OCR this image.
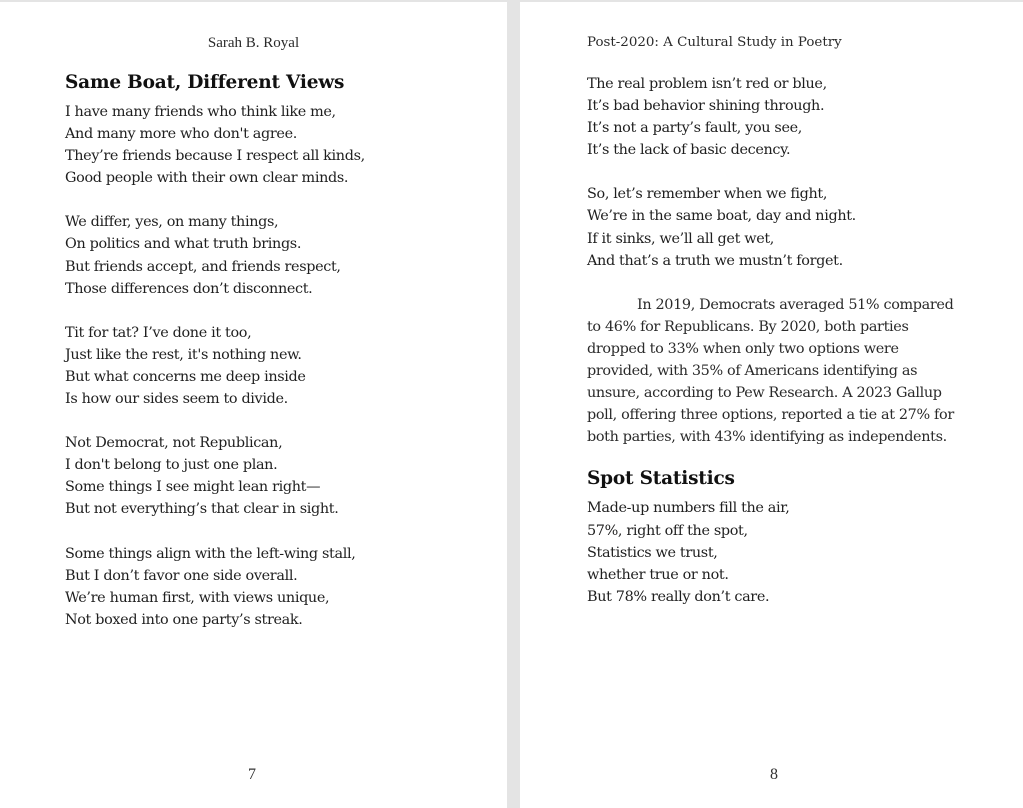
Sarah B. Royal
Same Boat, Different Views
I have many friends who think like me,
And many more who don't agree.
They’re friends because I respect all kinds,
Good people with their own clear minds.
We differ, yes, on many things,
On politics and what truth brings.
But friends accept, and friends respect,
Those differences don’t disconnect.
Tit for tat? I’ve done it too,
Just like the rest, it's nothing new.
But what concerns me deep inside
Is how our sides seem to divide.
Not Democrat, not Republican,
I don't belong to just one plan.
Some things I see might lean right—
But not everything’s that clear in sight.
Some things align with the left-wing stall,
But I don’t favor one side overall.
We’re human first, with views unique,
Not boxed into one party’s streak.
7
Post-2020: A Cultural Study in Poetry
The real problem isn’t red or blue,
It’s bad behavior shining through.
It’s not a party’s fault, you see,
It’s the lack of basic decency.
So, let’s remember when we fight,
We’re in the same boat, day and night.
If it sinks, we’ll all get wet,
And that’s a truth we mustn’t forget.

In 2019, Democrats averaged 51% compared to 46% for Republicans. By 2020, both parties dropped to 33% when only two options were provided, with 35% of Americans identifying as unsure, according to Pew Research. A 2023 Gallup poll, offering three options, reported a tie at 27% for both parties, with 43% identifying as independents.

Spot Statistics
Made-up numbers fill the air,
57%, right off the spot,
Statistics we trust,
whether true or not.
But 78% really don’t care.
8
